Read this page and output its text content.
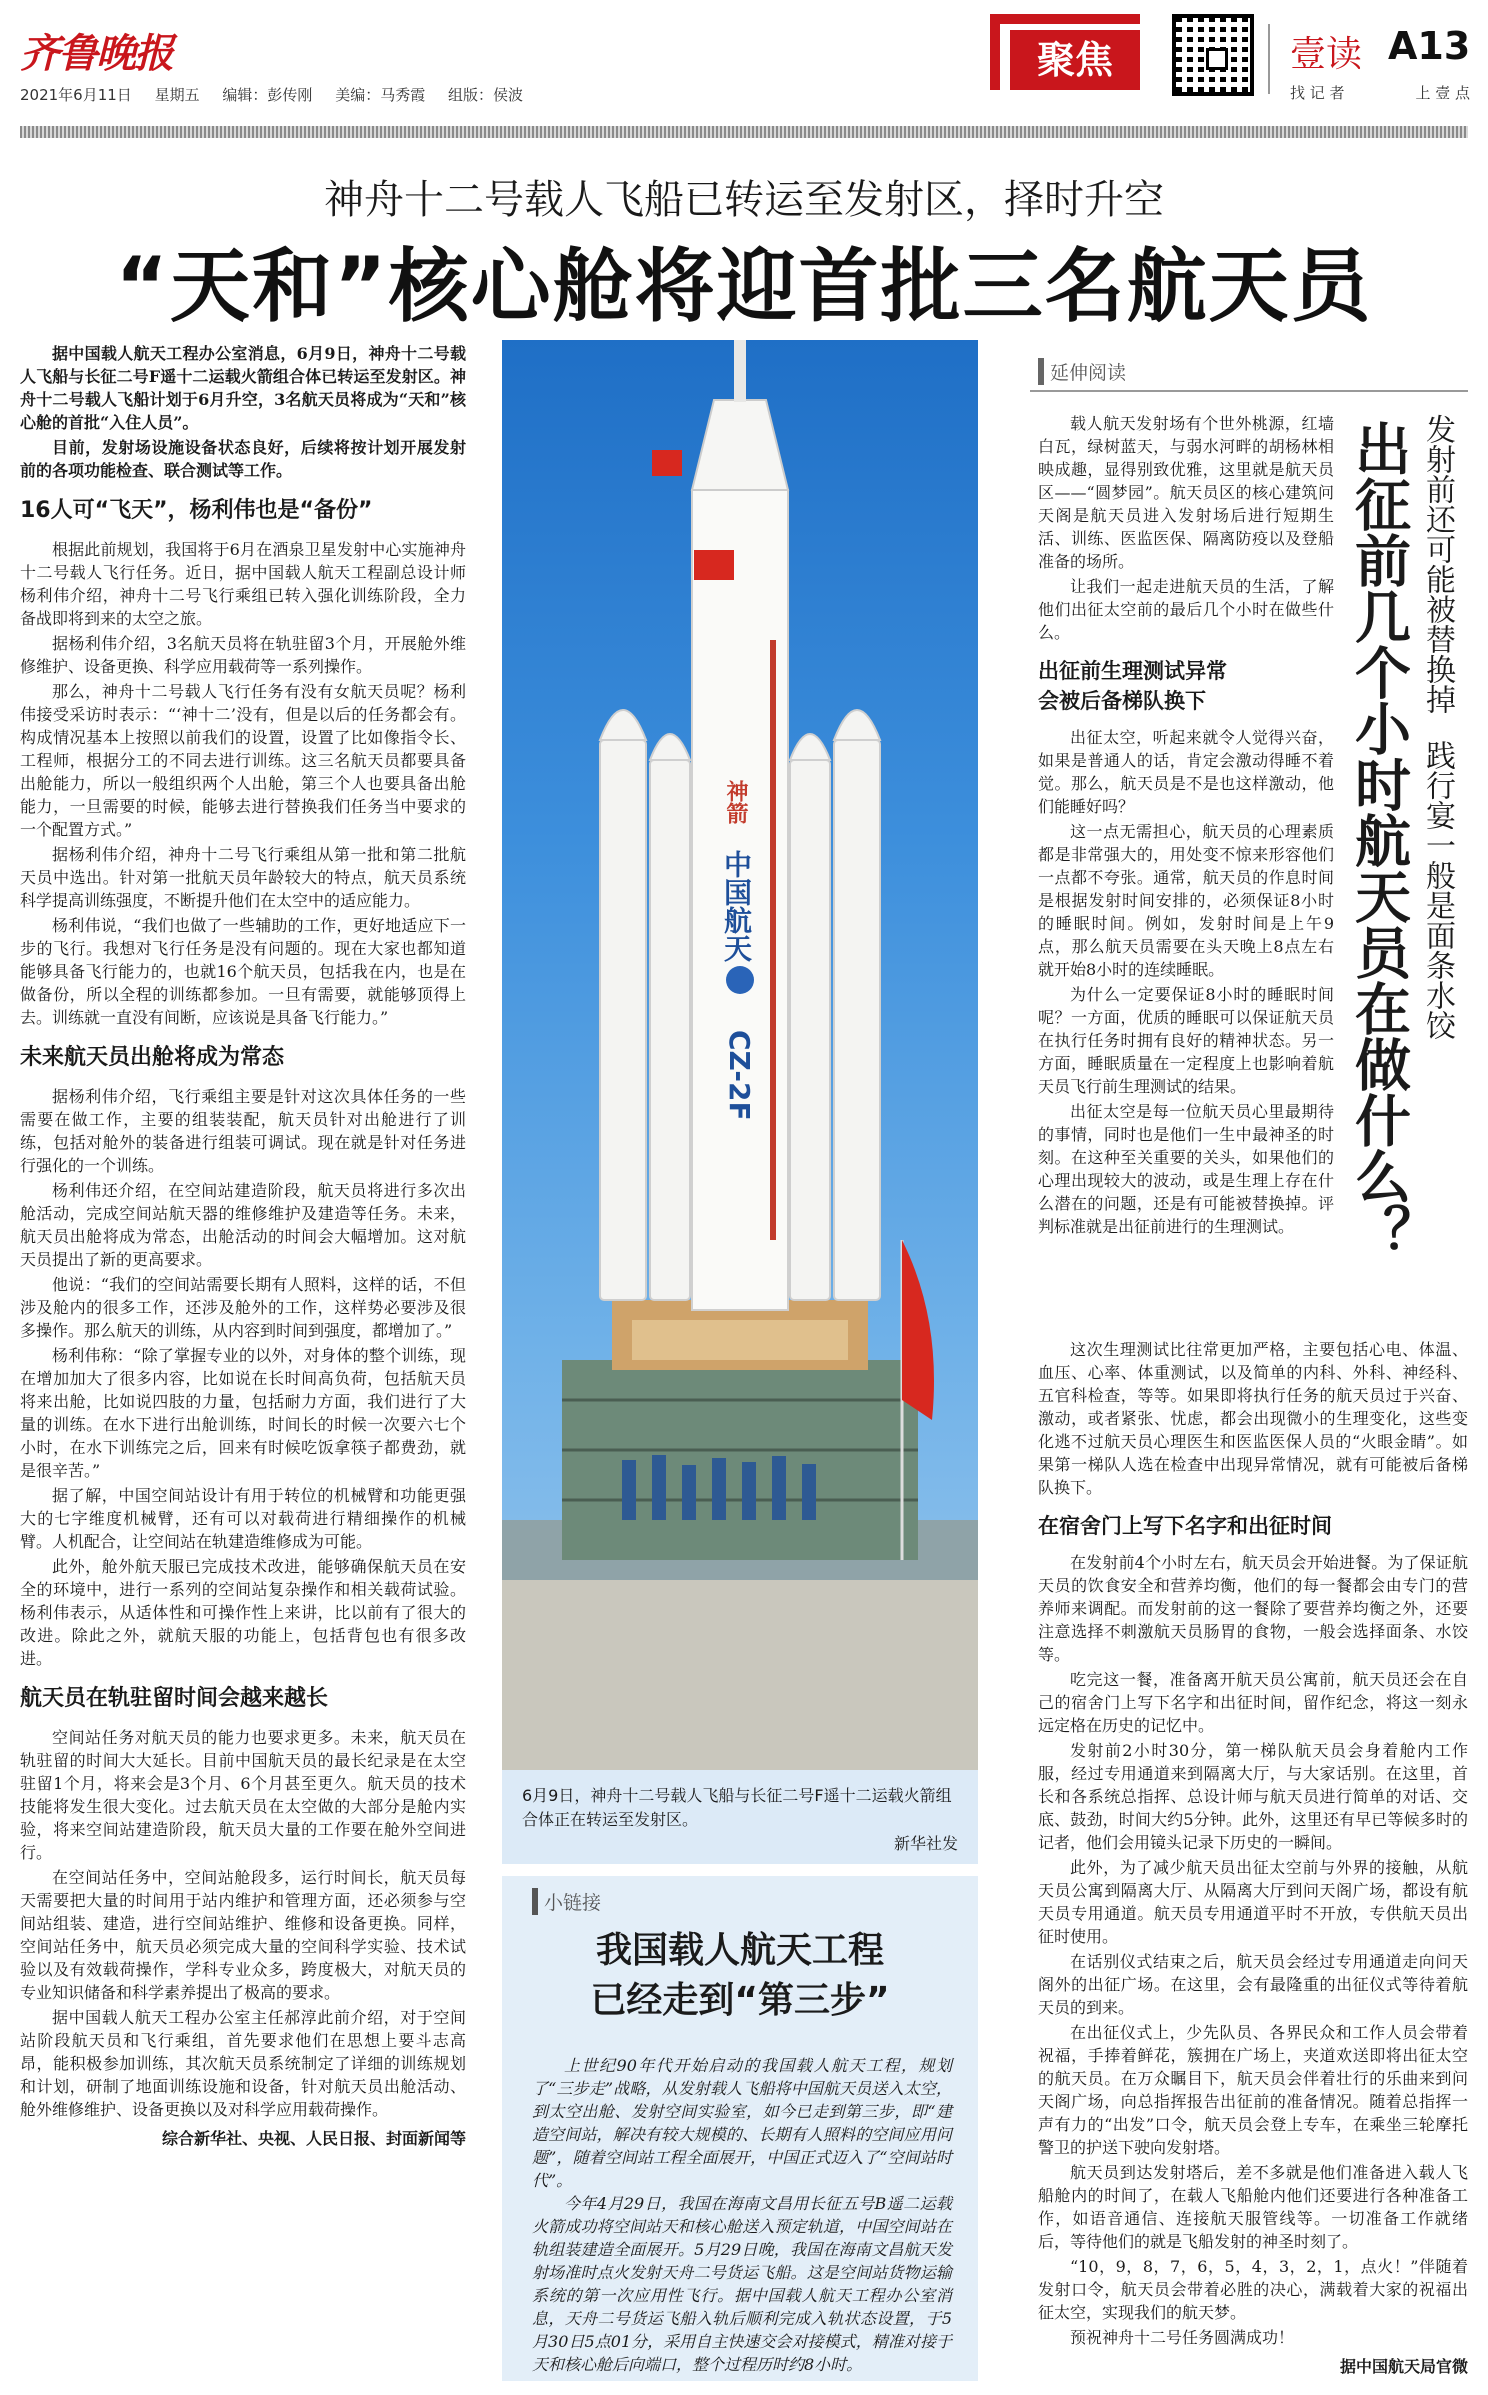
齐鲁晚报
2021年6月11日 星期五 编辑：彭传刚 美编：马秀霞 组版：侯波
聚焦	壹读 A13
找 记 者	上 壹 点
神舟十二号载人飞船已转运至发射区，择时升空
“天和”核心舱将迎首批三名航天员

据中国载人航天工程办公室消息，6月9日，神舟十二号载人飞船与长征二号F遥十二运载火箭组合体已转运至发射区。神舟十二号载人飞船计划于6月升空，3名航天员将成为“天和”核心舱的首批“入住人员”。

目前，发射场设施设备状态良好，后续将按计划开展发射前的各项功能检查、联合测试等工作。

16人可“飞天”，杨利伟也是“备份”

根据此前规划，我国将于6月在酒泉卫星发射中心实施神舟十二号载人飞行任务。近日，据中国载人航天工程副总设计师杨利伟介绍，神舟十二号飞行乘组已转入强化训练阶段，全力备战即将到来的太空之旅。

据杨利伟介绍，3名航天员将在轨驻留3个月，开展舱外维修维护、设备更换、科学应用载荷等一系列操作。

那么，神舟十二号载人飞行任务有没有女航天员呢？杨利伟接受采访时表示：“‘神十二’没有，但是以后的任务都会有。构成情况基本上按照以前我们的设置，设置了比如像指令长、工程师，根据分工的不同去进行训练。这三名航天员都要具备出舱能力，所以一般组织两个人出舱，第三个人也要具备出舱能力，一旦需要的时候，能够去进行替换我们任务当中要求的一个配置方式。”

据杨利伟介绍，神舟十二号飞行乘组从第一批和第二批航天员中选出。针对第一批航天员年龄较大的特点，航天员系统科学提高训练强度，不断提升他们在太空中的适应能力。

杨利伟说，“我们也做了一些辅助的工作，更好地适应下一步的飞行。我想对飞行任务是没有问题的。现在大家也都知道能够具备飞行能力的，也就16个航天员，包括我在内，也是在做备份，所以全程的训练都参加。一旦有需要，就能够顶得上去。训练就一直没有间断，应该说是具备飞行能力。”

未来航天员出舱将成为常态

据杨利伟介绍，飞行乘组主要是针对这次具体任务的一些需要在做工作，主要的组装装配，航天员针对出舱进行了训练，包括对舱外的装备进行组装可调试。现在就是针对任务进行强化的一个训练。

杨利伟还介绍，在空间站建造阶段，航天员将进行多次出舱活动，完成空间站航天器的维修维护及建造等任务。未来，航天员出舱将成为常态，出舱活动的时间会大幅增加。这对航天员提出了新的更高要求。

他说：“我们的空间站需要长期有人照料，这样的话，不但涉及舱内的很多工作，还涉及舱外的工作，这样势必要涉及很多操作。那么航天的训练，从内容到时间到强度，都增加了。”

杨利伟称：“除了掌握专业的以外，对身体的整个训练，现在增加加大了很多内容，比如说在长时间高负荷，包括航天员将来出舱，比如说四肢的力量，包括耐力方面，我们进行了大量的训练。在水下进行出舱训练，时间长的时候一次要六七个小时，在水下训练完之后，回来有时候吃饭拿筷子都费劲，就是很辛苦。”

据了解，中国空间站设计有用于转位的机械臂和功能更强大的七字维度机械臂，还有可以对载荷进行精细操作的机械臂。人机配合，让空间站在轨建造维修成为可能。

此外，舱外航天服已完成技术改进，能够确保航天员在安全的环境中，进行一系列的空间站复杂操作和相关载荷试验。杨利伟表示，从适体性和可操作性上来讲，比以前有了很大的改进。除此之外，就航天服的功能上，包括背包也有很多改进。

航天员在轨驻留时间会越来越长

空间站任务对航天员的能力也要求更多。未来，航天员在轨驻留的时间大大延长。目前中国航天员的最长纪录是在太空驻留1个月，将来会是3个月、6个月甚至更久。航天员的技术技能将发生很大变化。过去航天员在太空做的大部分是舱内实验，将来空间站建造阶段，航天员大量的工作要在舱外空间进行。

在空间站任务中，空间站舱段多，运行时间长，航天员每天需要把大量的时间用于站内维护和管理方面，还必须参与空间站组装、建造，进行空间站维护、维修和设备更换。同样，空间站任务中，航天员必须完成大量的空间科学实验、技术试验以及有效载荷操作，学科专业众多，跨度极大，对航天员的专业知识储备和科学素养提出了极高的要求。

据中国载人航天工程办公室主任郝淳此前介绍，对于空间站阶段航天员和飞行乘组，首先要求他们在思想上要斗志高昂，能积极参加训练，其次航天员系统制定了详细的训练规划和计划，研制了地面训练设施和设备，针对航天员出舱活动、舱外维修维护、设备更换以及对科学应用载荷操作。

综合新华社、央视、人民日报、封面新闻等
神箭
中国航天
CZ-2F
6月9日，神舟十二号载人飞船与长征二号F遥十二运载火箭组合体正在转运至发射区。
新华社发
小链接
我国载人航天工程
已经走到“第三步”

上世纪90年代开始启动的我国载人航天工程，规划了“三步走”战略，从发射载人飞船将中国航天员送入太空，到太空出舱、发射空间实验室，如今已走到第三步，即“建造空间站，解决有较大规模的、长期有人照料的空间应用问题”，随着空间站工程全面展开，中国正式迈入了“空间站时代”。

今年4月29日，我国在海南文昌用长征五号B遥二运载火箭成功将空间站天和核心舱送入预定轨道，中国空间站在轨组装建造全面展开。5月29日晚，我国在海南文昌航天发射场准时点火发射天舟二号货运飞船。这是空间站货物运输系统的第一次应用性飞行。据中国载人航天工程办公室消息，天舟二号货运飞船入轨后顺利完成入轨状态设置，于5月30日5点01分，采用自主快速交会对接模式，精准对接于天和核心舱后向端口，整个过程历时约8小时。

延伸阅读
出征前几个小时航天员在做什么？ 发射前还可能被替换掉
践行宴一般是面条水饺

载人航天发射场有个世外桃源，红墙白瓦，绿树蓝天，与弱水河畔的胡杨林相映成趣，显得别致优雅，这里就是航天员区——“圆梦园”。航天员区的核心建筑问天阁是航天员进入发射场后进行短期生活、训练、医监医保、隔离防疫以及登船准备的场所。

让我们一起走进航天员的生活，了解他们出征太空前的最后几个小时在做些什么。

出征前生理测试异常
会被后备梯队换下

出征太空，听起来就令人觉得兴奋，如果是普通人的话，肯定会激动得睡不着觉。那么，航天员是不是也这样激动，他们能睡好吗？

这一点无需担心，航天员的心理素质都是非常强大的，用处变不惊来形容他们一点都不夸张。通常，航天员的作息时间是根据发射时间安排的，必须保证8小时的睡眠时间。例如，发射时间是上午9点，那么航天员需要在头天晚上8点左右就开始8小时的连续睡眠。

为什么一定要保证8小时的睡眠时间呢？一方面，优质的睡眠可以保证航天员在执行任务时拥有良好的精神状态。另一方面，睡眠质量在一定程度上也影响着航天员飞行前生理测试的结果。

出征太空是每一位航天员心里最期待的事情，同时也是他们一生中最神圣的时刻。在这种至关重要的关头，如果他们的心理出现较大的波动，或是生理上存在什么潜在的问题，还是有可能被替换掉。评判标准就是出征前进行的生理测试。

这次生理测试比往常更加严格，主要包括心电、体温、血压、心率、体重测试，以及简单的内科、外科、神经科、五官科检查，等等。如果即将执行任务的航天员过于兴奋、激动，或者紧张、忧虑，都会出现微小的生理变化，这些变化逃不过航天员心理医生和医监医保人员的“火眼金睛”。如果第一梯队人选在检查中出现异常情况，就有可能被后备梯队换下。

在宿舍门上写下名字和出征时间

在发射前4个小时左右，航天员会开始进餐。为了保证航天员的饮食安全和营养均衡，他们的每一餐都会由专门的营养师来调配。而发射前的这一餐除了要营养均衡之外，还要注意选择不刺激航天员肠胃的食物，一般会选择面条、水饺等。

吃完这一餐，准备离开航天员公寓前，航天员还会在自己的宿舍门上写下名字和出征时间，留作纪念，将这一刻永远定格在历史的记忆中。

发射前2小时30分，第一梯队航天员会身着舱内工作服，经过专用通道来到隔离大厅，与大家话别。在这里，首长和各系统总指挥、总设计师与航天员进行简单的对话、交底、鼓劲，时间大约5分钟。此外，这里还有早已等候多时的记者，他们会用镜头记录下历史的一瞬间。

此外，为了减少航天员出征太空前与外界的接触，从航天员公寓到隔离大厅、从隔离大厅到问天阁广场，都设有航天员专用通道。航天员专用通道平时不开放，专供航天员出征时使用。

在话别仪式结束之后，航天员会经过专用通道走向问天阁外的出征广场。在这里，会有最隆重的出征仪式等待着航天员的到来。

在出征仪式上，少先队员、各界民众和工作人员会带着祝福，手捧着鲜花，簇拥在广场上，夹道欢送即将出征太空的航天员。在万众瞩目下，航天员会伴着壮行的乐曲来到问天阁广场，向总指挥报告出征前的准备情况。随着总指挥一声有力的“出发”口令，航天员会登上专车，在乘坐三轮摩托警卫的护送下驶向发射塔。

航天员到达发射塔后，差不多就是他们准备进入载人飞船舱内的时间了，在载人飞船舱内他们还要进行各种准备工作，如语音通信、连接航天服管线等。一切准备工作就绪后，等待他们的就是飞船发射的神圣时刻了。

“10，9，8，7，6，5，4，3，2，1，点火！”伴随着发射口令，航天员会带着必胜的决心，满载着大家的祝福出征太空，实现我们的航天梦。

预祝神舟十二号任务圆满成功！

据中国航天局官微
